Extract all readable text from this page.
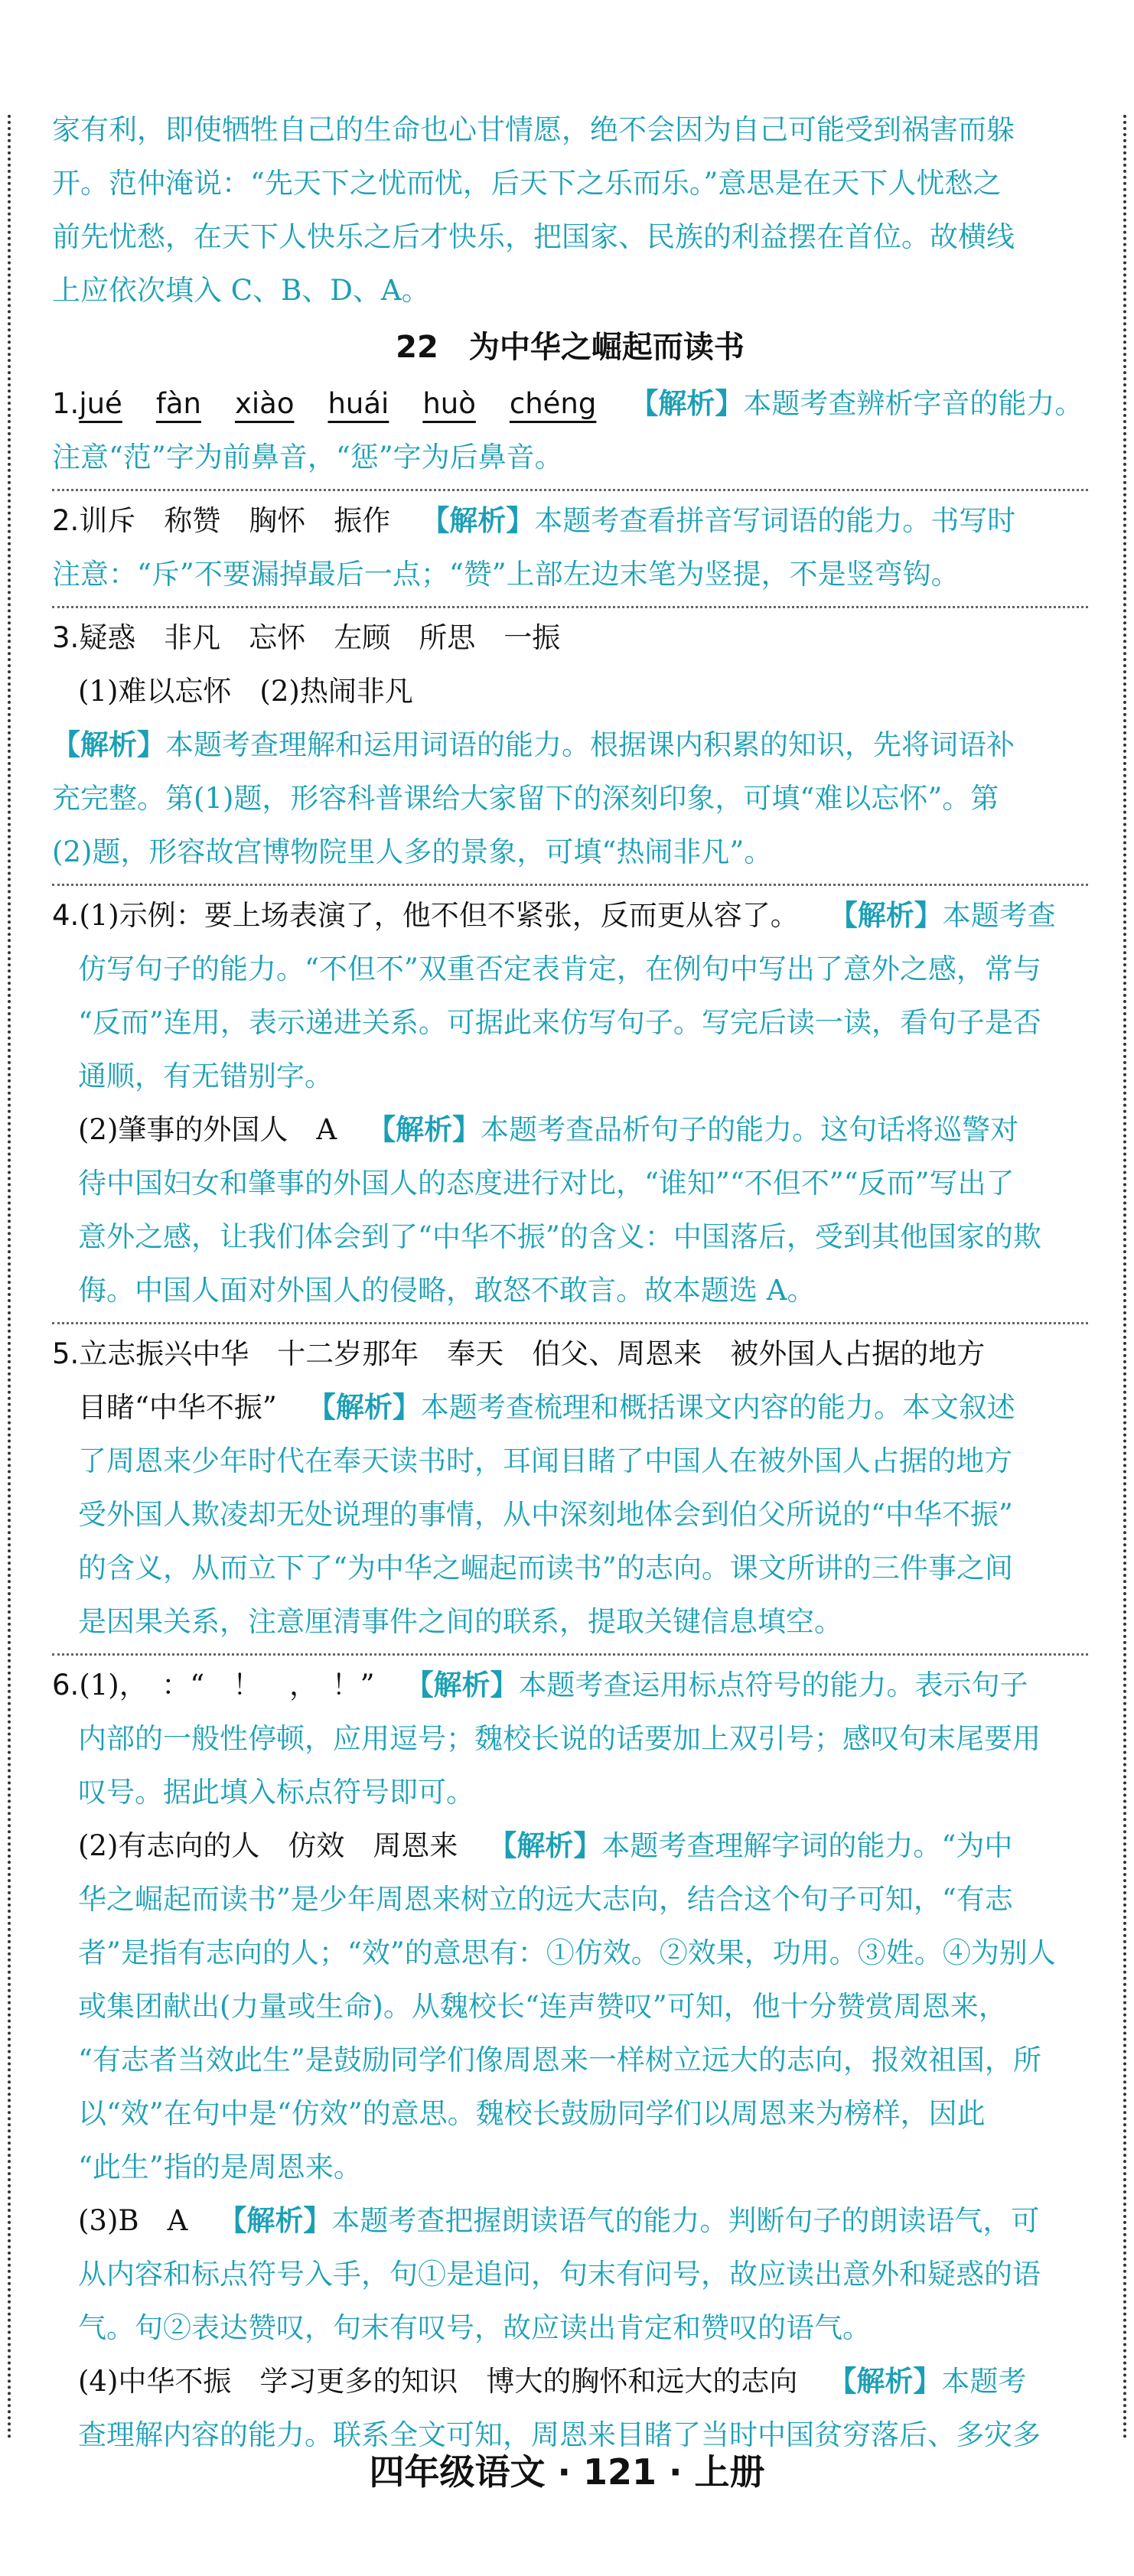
家有利，即使牺牲自己的生命也心甘情愿，绝不会因为自己可能受到祸害而躲

开。范仲淹说：“先天下之忧而忧，后天下之乐而乐。”意思是在天下人忧愁之

前先忧愁，在天下人快乐之后才快乐，把国家、民族的利益摆在首位。故横线

上应依次填入 C、B、D、A。

22　为中华之崛起而读书

1.jué fàn xiào huái huò chéng 【解析】本题考查辨析字音的能力。

注意“范”字为前鼻音，“惩”字为后鼻音。

2.训斥　称赞　胸怀　振作 【解析】本题考查看拼音写词语的能力。书写时

注意：“斥”不要漏掉最后一点；“赞”上部左边末笔为竖提，不是竖弯钩。

3.疑惑　非凡　忘怀　左顾　所思　一振

(1)难以忘怀　(2)热闹非凡

【解析】本题考查理解和运用词语的能力。根据课内积累的知识，先将词语补

充完整。第(1)题，形容科普课给大家留下的深刻印象，可填“难以忘怀”。第

(2)题，形容故宫博物院里人多的景象，可填“热闹非凡”。

4.(1)示例：要上场表演了，他不但不紧张，反而更从容了。 【解析】本题考查

仿写句子的能力。“不但不”双重否定表肯定，在例句中写出了意外之感，常与

“反而”连用，表示递进关系。可据此来仿写句子。写完后读一读，看句子是否

通顺，有无错别字。

(2)肇事的外国人　A 【解析】本题考查品析句子的能力。这句话将巡警对

待中国妇女和肇事的外国人的态度进行对比，“谁知”“不但不”“反而”写出了

意外之感，让我们体会到了“中华不振”的含义：中国落后，受到其他国家的欺

侮。中国人面对外国人的侵略，敢怒不敢言。故本题选 A。

5.立志振兴中华　十二岁那年　奉天　伯父、周恩来　被外国人占据的地方

目睹“中华不振” 【解析】本题考查梳理和概括课文内容的能力。本文叙述

了周恩来少年时代在奉天读书时，耳闻目睹了中国人在被外国人占据的地方

受外国人欺凌却无处说理的事情，从中深刻地体会到伯父所说的“中华不振”

的含义，从而立下了“为中华之崛起而读书”的志向。课文所讲的三件事之间

是因果关系，注意厘清事件之间的联系，提取关键信息填空。

6.(1)，　：“　！　，　！” 【解析】本题考查运用标点符号的能力。表示句子

内部的一般性停顿，应用逗号；魏校长说的话要加上双引号；感叹句末尾要用

叹号。据此填入标点符号即可。

(2)有志向的人　仿效　周恩来 【解析】本题考查理解字词的能力。“为中

华之崛起而读书”是少年周恩来树立的远大志向，结合这个句子可知，“有志

者”是指有志向的人；“效”的意思有：①仿效。②效果，功用。③姓。④为别人

或集团献出(力量或生命)。从魏校长“连声赞叹”可知，他十分赞赏周恩来，

“有志者当效此生”是鼓励同学们像周恩来一样树立远大的志向，报效祖国，所

以“效”在句中是“仿效”的意思。魏校长鼓励同学们以周恩来为榜样，因此

“此生”指的是周恩来。

(3)B　A 【解析】本题考查把握朗读语气的能力。判断句子的朗读语气，可

从内容和标点符号入手，句①是追问，句末有问号，故应读出意外和疑惑的语

气。句②表达赞叹，句末有叹号，故应读出肯定和赞叹的语气。

(4)中华不振　学习更多的知识　博大的胸怀和远大的志向 【解析】本题考

查理解内容的能力。联系全文可知，周恩来目睹了当时中国贫穷落后、多灾多

四年级语文 · 121 · 上册
